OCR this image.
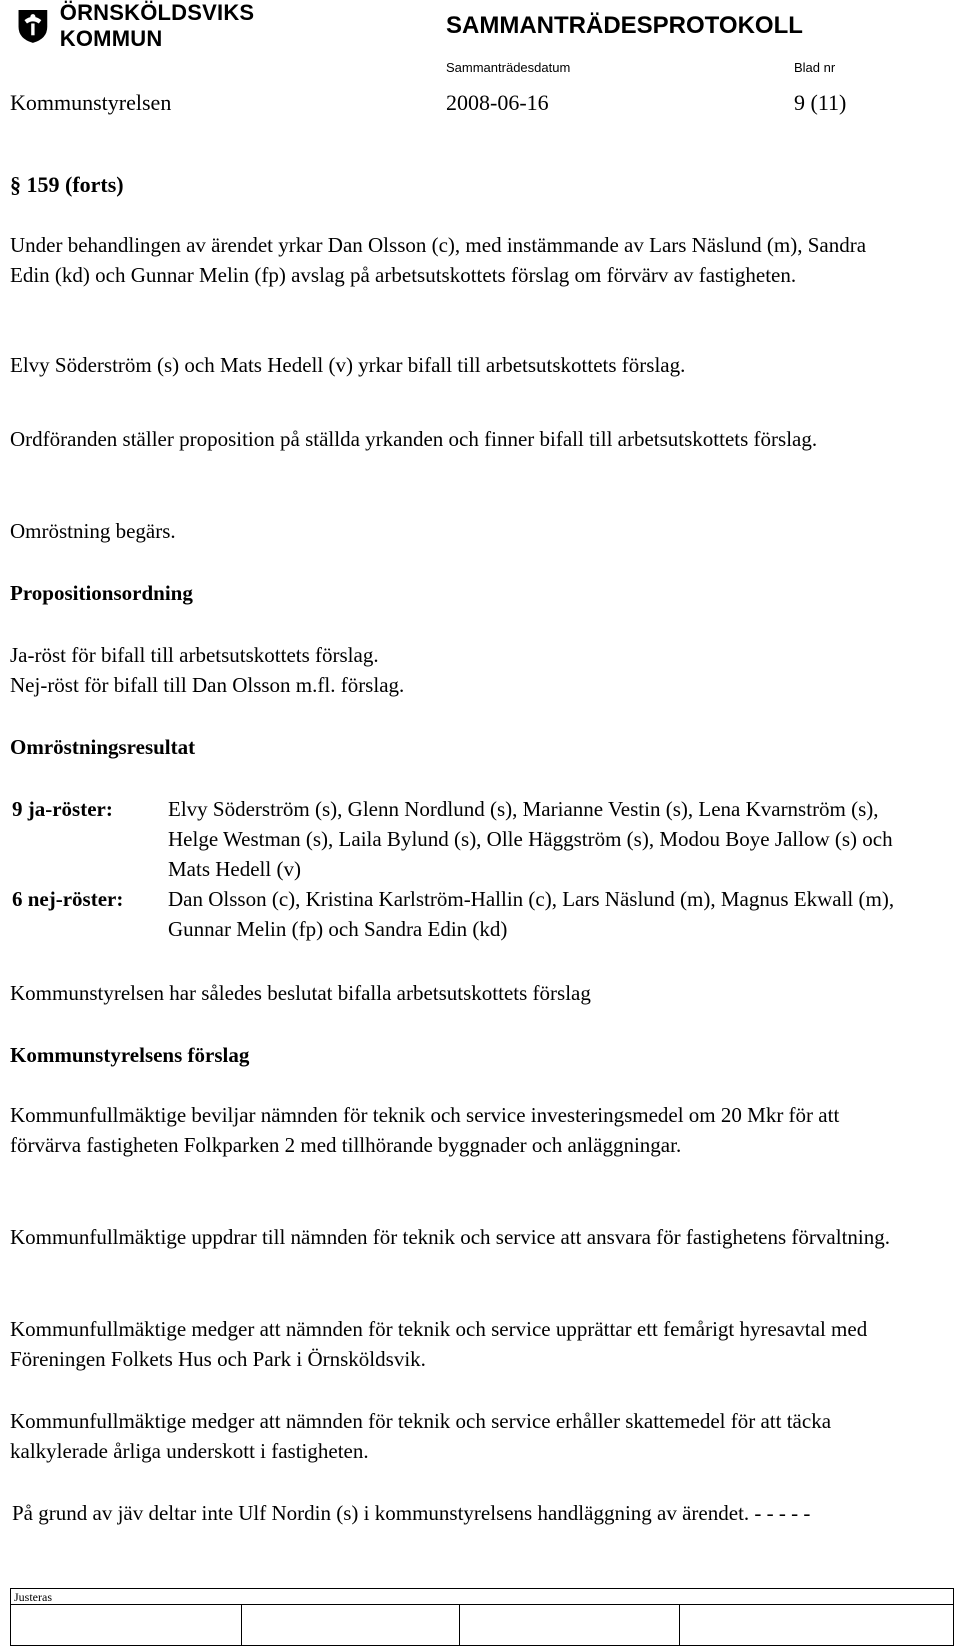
ÖRNSKÖLDSVIKS KOMMUN	SAMMANTRÄDESPROTOKOLL
Sammanträdesdatum	Blad nr
Kommunstyrelsen	2008-06-16	9 (11)
§ 159 (forts)
Under behandlingen av ärendet yrkar Dan Olsson (c), med instämmande av Lars Näslund (m), Sandra Edin (kd) och Gunnar Melin (fp) avslag på arbetsutskottets förslag om förvärv av fastigheten.
Elvy Söderström (s) och Mats Hedell (v) yrkar bifall till arbetsutskottets förslag.
Ordföranden ställer proposition på ställda yrkanden och finner bifall till arbetsutskottets förslag.
Omröstning begärs.
Propositionsordning
Ja-röst för bifall till arbetsutskottets förslag.
Nej-röst för bifall till Dan Olsson m.fl. förslag.
Omröstningsresultat
9 ja-röster:	Elvy Söderström (s), Glenn Nordlund (s), Marianne Vestin (s), Lena Kvarnström (s), Helge Westman (s), Laila Bylund (s), Olle Häggström (s), Modou Boye Jallow (s) och Mats Hedell (v)
6 nej-röster: Dan Olsson (c), Kristina Karlström-Hallin (c), Lars Näslund (m), Magnus Ekwall (m), Gunnar Melin (fp) och Sandra Edin (kd)
Kommunstyrelsen har således beslutat bifalla arbetsutskottets förslag
Kommunstyrelsens förslag
Kommunfullmäktige beviljar nämnden för teknik och service investeringsmedel om 20 Mkr för att förvärva fastigheten Folkparken 2 med tillhörande byggnader och anläggningar.
Kommunfullmäktige uppdrar till nämnden för teknik och service att ansvara för fastighetens förvaltning.
Kommunfullmäktige medger att nämnden för teknik och service upprättar ett femårigt hyresavtal med Föreningen Folkets Hus och Park i Örnsköldsvik.
Kommunfullmäktige medger att nämnden för teknik och service erhåller skattemedel för att täcka kalkylerade årliga underskott i fastigheten.
På grund av jäv deltar inte Ulf Nordin (s) i kommunstyrelsens handläggning av ärendet. - - - - -
Justeras
